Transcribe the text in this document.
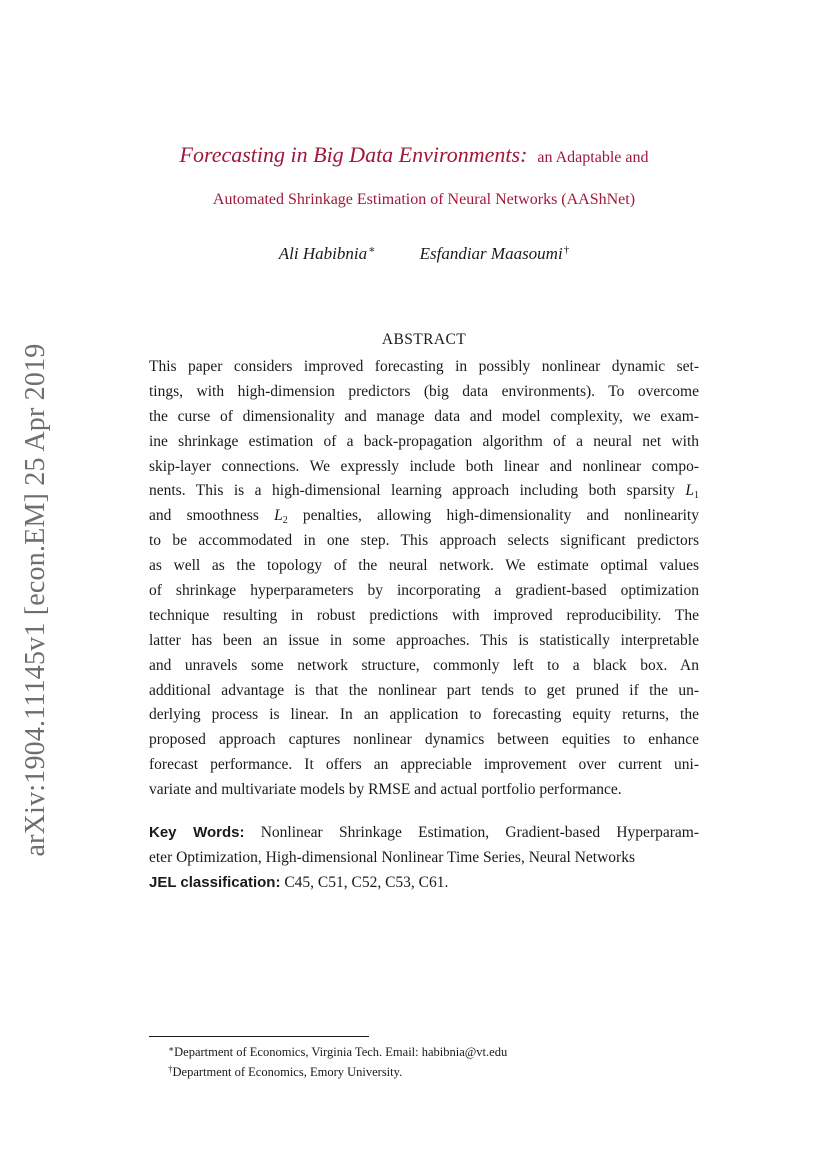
arXiv:1904.11145v1 [econ.EM] 25 Apr 2019
Forecasting in Big Data Environments: an Adaptable and
Automated Shrinkage Estimation of Neural Networks (AAShNet)
Ali Habibnia∗	Esfandiar Maasoumi†
ABSTRACT
This paper considers improved forecasting in possibly nonlinear dynamic set-
tings, with high-dimension predictors (big data environments). To overcome
the curse of dimensionality and manage data and model complexity, we exam-
ine shrinkage estimation of a back-propagation algorithm of a neural net with
skip-layer connections. We expressly include both linear and nonlinear compo-
nents. This is a high-dimensional learning approach including both sparsity $L_1$
and smoothness $L_2$ penalties, allowing high-dimensionality and nonlinearity
to be accommodated in one step. This approach selects significant predictors
as well as the topology of the neural network. We estimate optimal values
of shrinkage hyperparameters by incorporating a gradient-based optimization
technique resulting in robust predictions with improved reproducibility. The
latter has been an issue in some approaches. This is statistically interpretable
and unravels some network structure, commonly left to a black box. An
additional advantage is that the nonlinear part tends to get pruned if the un-
derlying process is linear. In an application to forecasting equity returns, the
proposed approach captures nonlinear dynamics between equities to enhance
forecast performance. It offers an appreciable improvement over current uni-
variate and multivariate models by RMSE and actual portfolio performance.
Key Words: Nonlinear Shrinkage Estimation, Gradient-based Hyperparam-
eter Optimization, High-dimensional Nonlinear Time Series, Neural Networks
JEL classification: C45, C51, C52, C53, C61.
∗Department of Economics, Virginia Tech. Email: habibnia@vt.edu
†Department of Economics, Emory University.
